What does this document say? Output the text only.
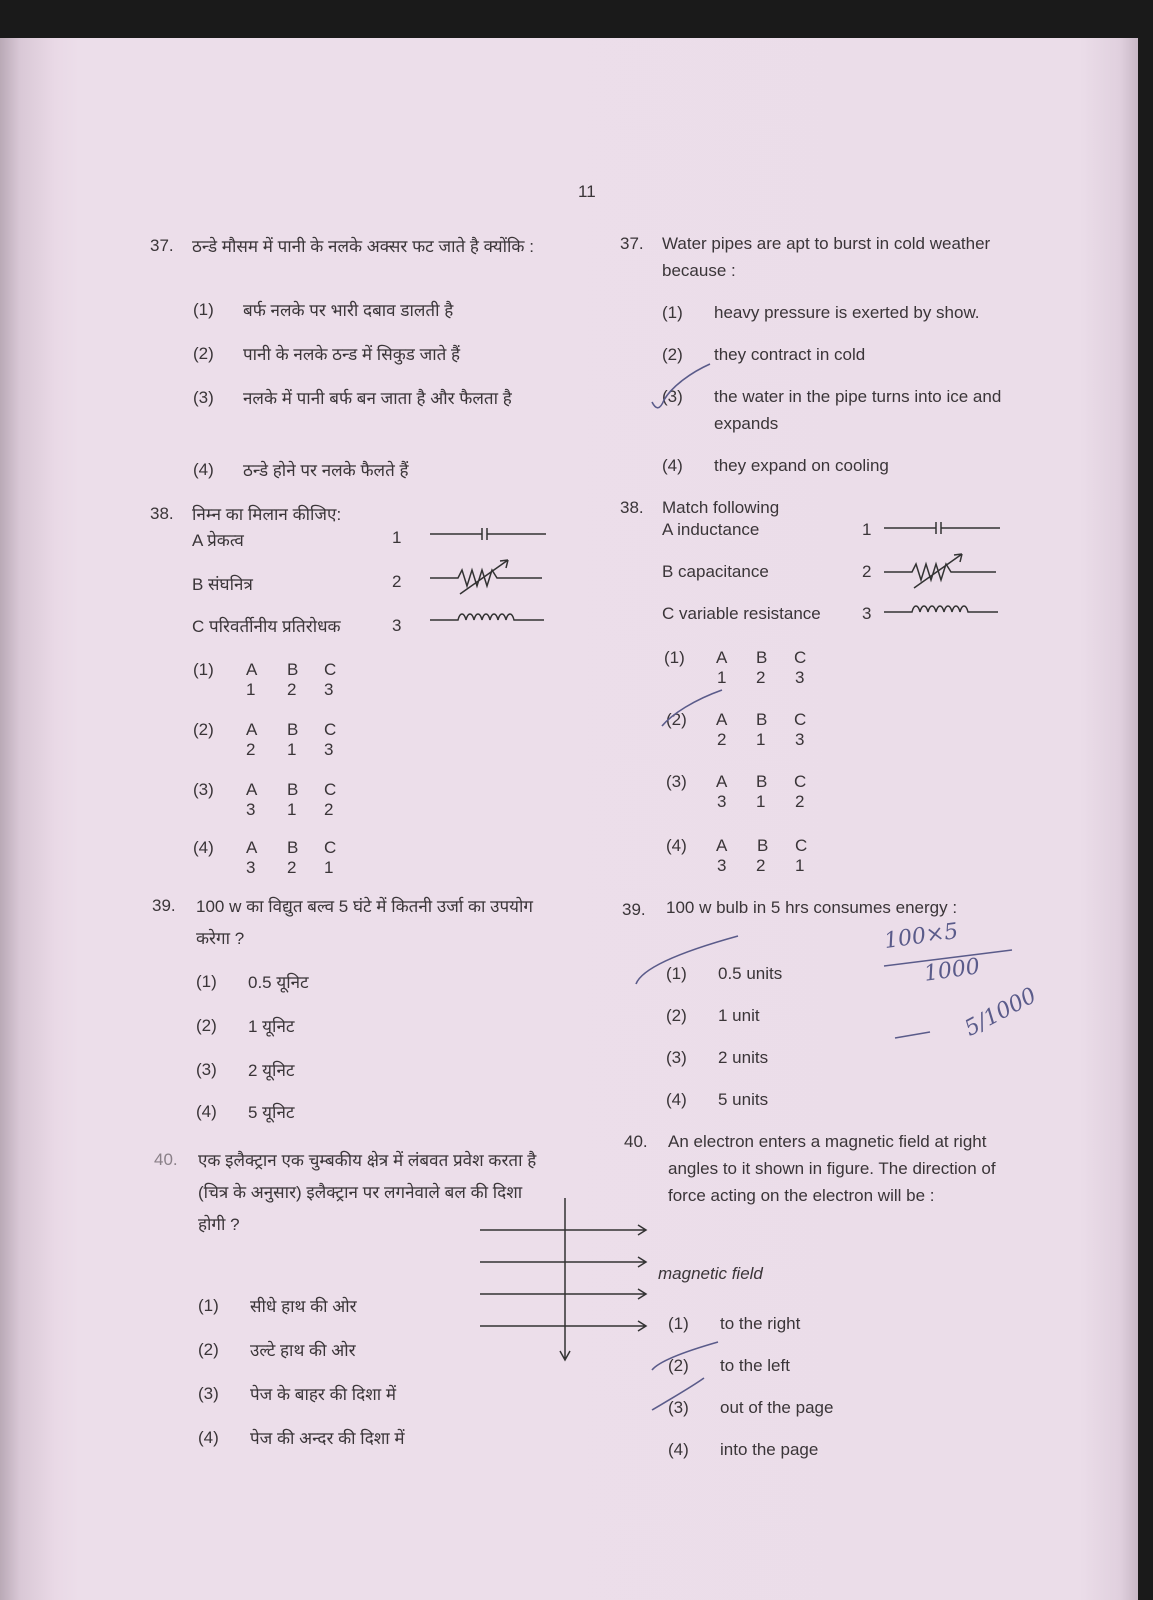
11
37. ठन्डे मौसम में पानी के नलके अक्सर फट जाते है क्योंकि :
(1) बर्फ नलके पर भारी दबाव डालती है
(2) पानी के नलके ठन्ड में सिकुड जाते हैं
(3) नलके में पानी बर्फ बन जाता है और फैलता है
(4) ठन्डे होने पर नलके फैलते हैं
38. निम्न का मिलान कीजिए:
A प्रेकत्व
B संघनित्र
C परिवर्तीनीय प्रतिरोधक
1
2
3
(1) A B C
1 2 3
(2) A B C
2 1 3
(3) A B C
3 1 2
(4) A B C
3 2 1
39. 100 w का विद्युत बल्व 5 घंटे में कितनी उर्जा का उपयोग
करेगा ?
(1) 0.5 यूनिट
(2) 1 यूनिट
(3) 2 यूनिट
(4) 5 यूनिट
40. एक इलैक्ट्रान एक चुम्बकीय क्षेत्र में लंबवत प्रवेश करता है
(चित्र के अनुसार) इलैक्ट्रान पर लगनेवाले बल की दिशा
होगी ?
(1) सीधे हाथ की ओर
(2) उल्टे हाथ की ओर
(3) पेज के बाहर की दिशा में
(4) पेज की अन्दर की दिशा में
37. Water pipes are apt to burst in cold weather
because :
(1) heavy pressure is exerted by show.
(2) they contract in cold
(3) the water in the pipe turns into ice and
expands
(4) they expand on cooling
38. Match following
A inductance
B capacitance
C variable resistance
1
2
3
(1) A B C
1 2 3
(2) A B C
2 1 3
(3) A B C
3 1 2
(4) A B C
3 2 1
39. 100 w bulb in 5 hrs consumes energy :
(1) 0.5 units
(2) 1 unit
(3) 2 units
(4) 5 units
40. An electron enters a magnetic field at right
angles to it shown in figure. The direction of
force acting on the electron will be :
magnetic field
(1) to the right
(2) to the left
(3) out of the page
(4) into the page
100×5
1000
5/1000
